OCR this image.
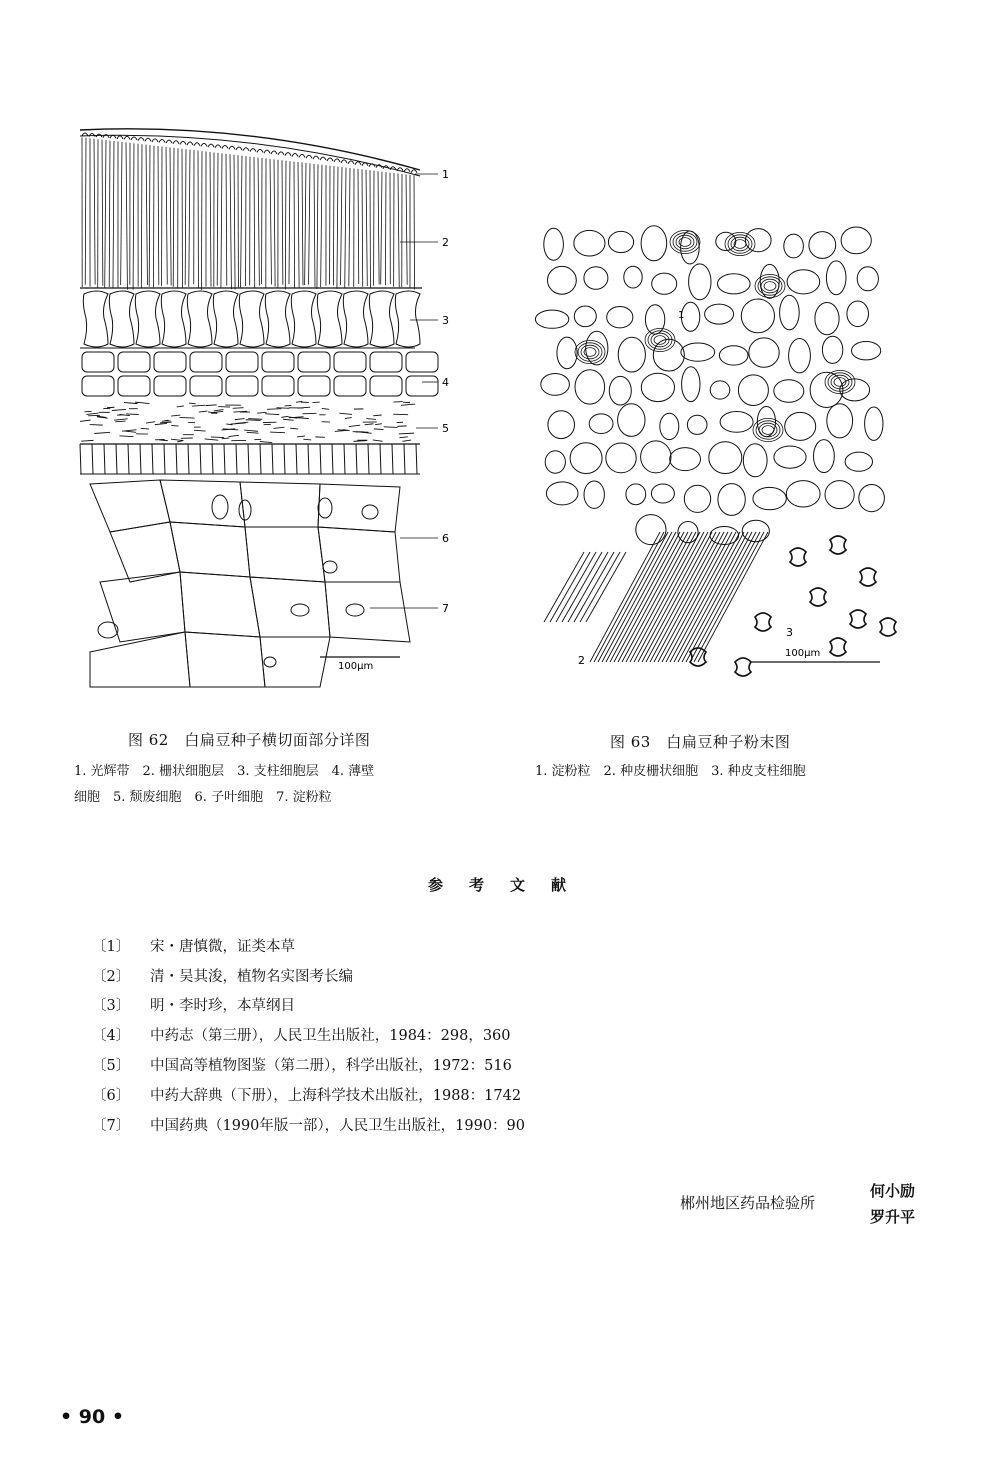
1
2
3
4
5
6
7
100μm
1
2
3
100μm
图 62　白扁豆种子横切面部分详图
1. 光辉带　2. 栅状细胞层　3. 支柱细胞层　4. 薄壁
细胞　5. 颓废细胞　6. 子叶细胞　7. 淀粉粒
图 63　白扁豆种子粉末图
1. 淀粉粒　2. 种皮栅状细胞　3. 种皮支柱细胞
参考文献
〔1〕 宋・唐慎微，证类本草
〔2〕 清・吴其浚，植物名实图考长编
〔3〕 明・李时珍，本草纲目
〔4〕 中药志（第三册），人民卫生出版社，1984：298，360
〔5〕 中国高等植物图鉴（第二册），科学出版社，1972：516
〔6〕 中药大辞典（下册），上海科学技术出版社，1988：1742
〔7〕 中国药典（1990年版一部），人民卫生出版社，1990：90
郴州地区药品检验所
何小励
罗升平
• 90 •
